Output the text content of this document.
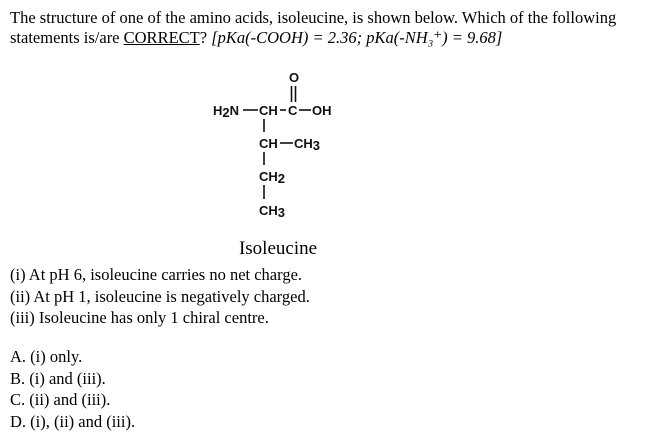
The structure of one of the amino acids, isoleucine, is shown below. Which of the following statements is/are CORRECT? [pKa(-COOH) = 2.36; pKa(-NH₃⁺) = 9.68]
O
H2N CH C OH
CH CH3
CH2
CH3
Isoleucine
(i) At pH 6, isoleucine carries no net charge.
(ii) At pH 1, isoleucine is negatively charged.
(iii) Isoleucine has only 1 chiral centre.
A. (i) only.
B. (i) and (iii).
C. (ii) and (iii).
D. (i), (ii) and (iii).
